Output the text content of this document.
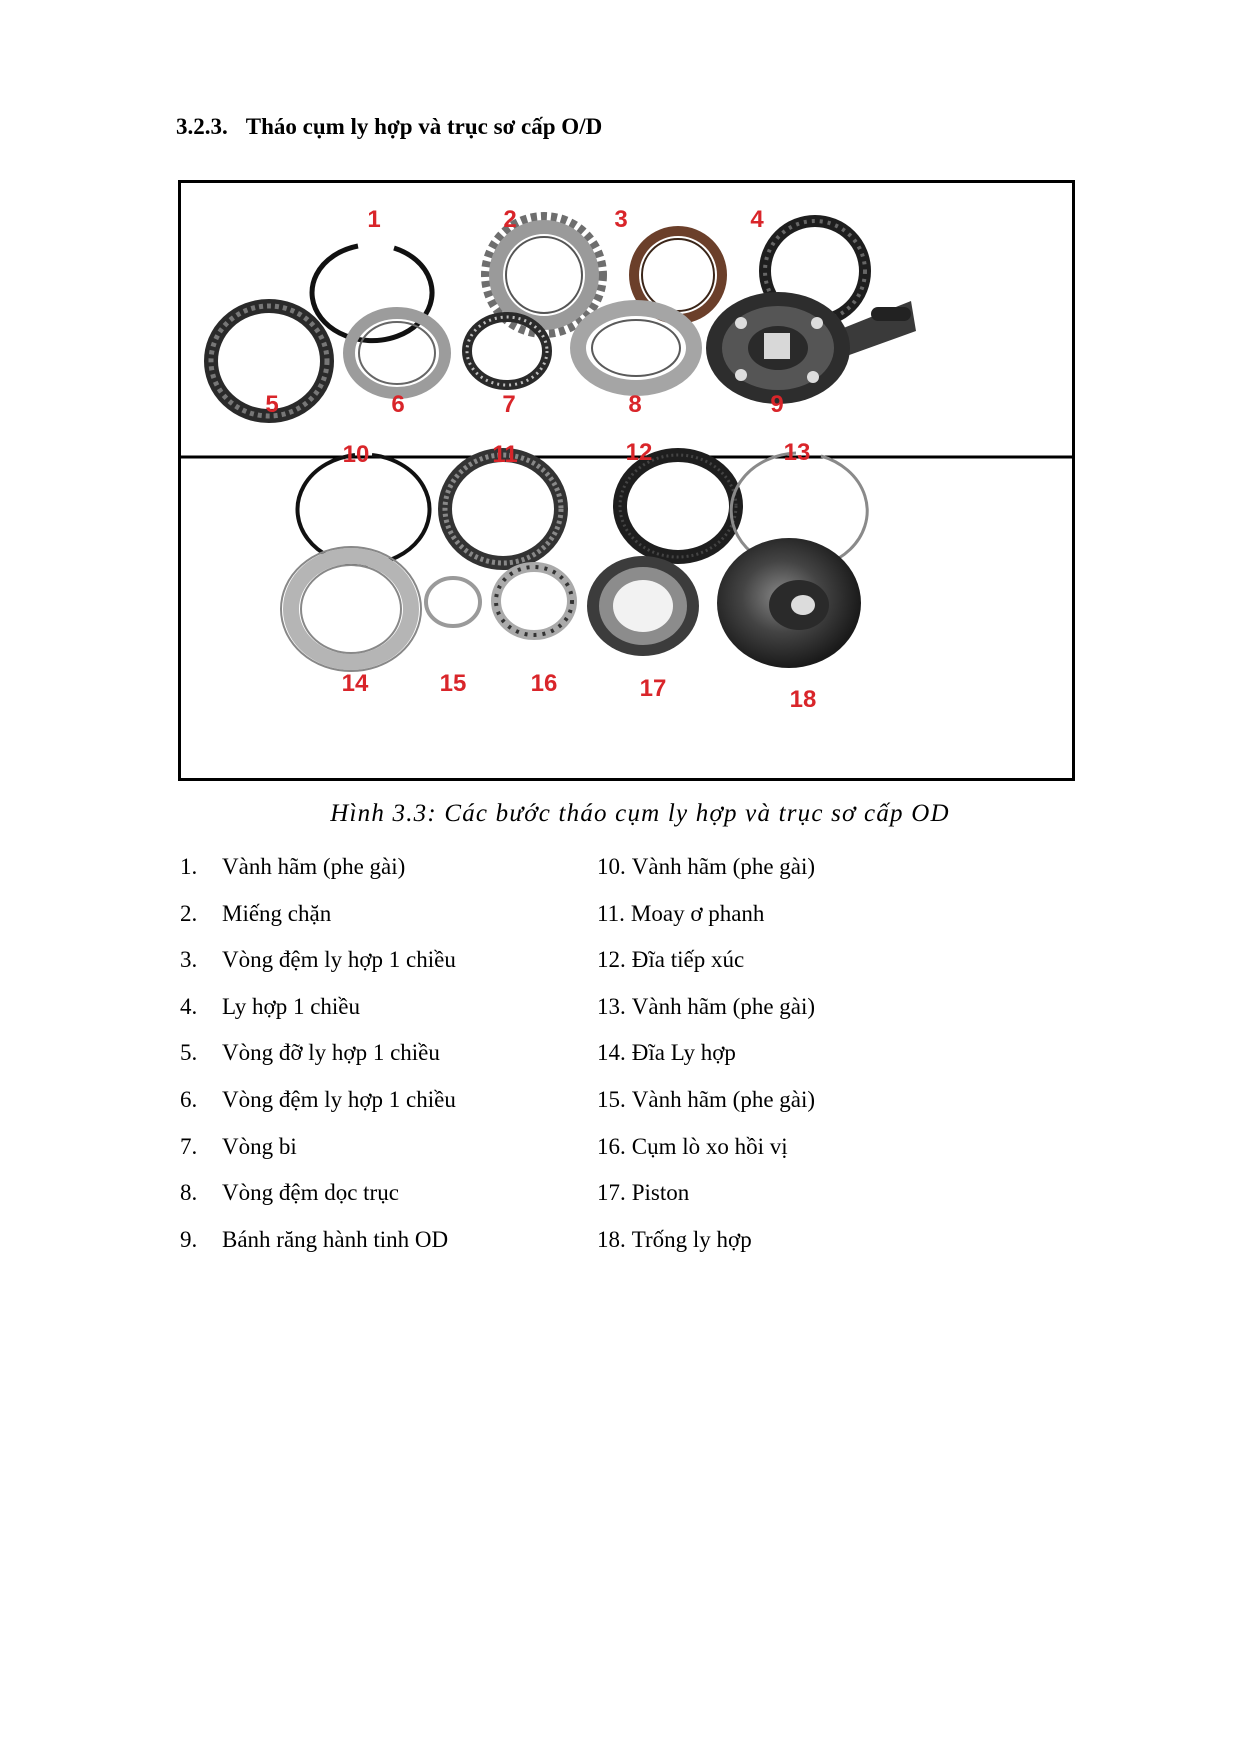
3.2.3. Tháo cụm ly hợp và trục sơ cấp O/D
1	2	3	4
5	6	7	8	9
10	11	12	13
14	15	16	17	18
Hình 3.3: Các bước tháo cụm ly hợp và trục sơ cấp OD
1. Vành hãm (phe gài)
2. Miếng chặn
3. Vòng đệm ly hợp 1 chiều
4. Ly hợp 1 chiều
5. Vòng đỡ ly hợp 1 chiều
6. Vòng đệm ly hợp 1 chiều
7. Vòng bi
8. Vòng đệm dọc trục
9. Bánh răng hành tinh OD
10. Vành hãm (phe gài)
11. Moay ơ phanh
12. Đĩa tiếp xúc
13. Vành hãm (phe gài)
14. Đĩa Ly hợp
15. Vành hãm (phe gài)
16. Cụm lò xo hồi vị
17. Piston
18. Trống ly hợp
